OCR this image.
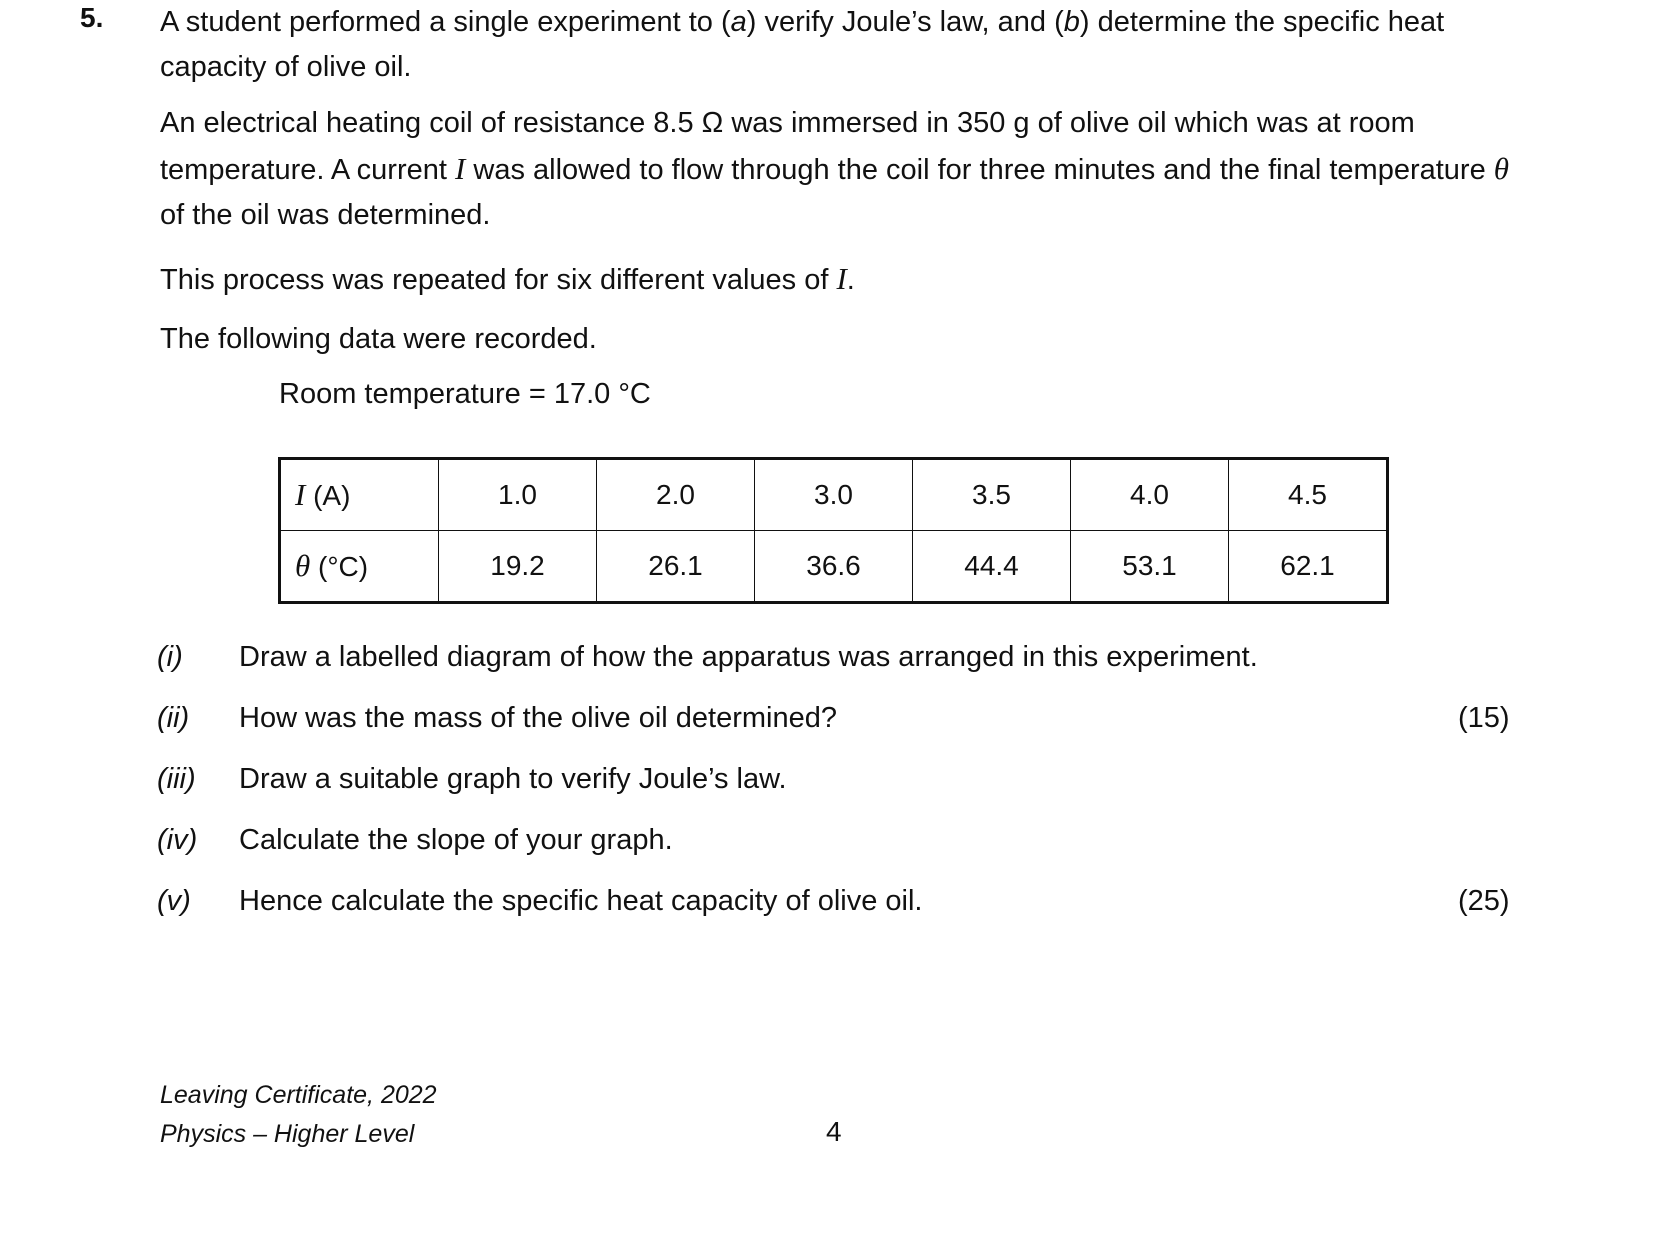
5. A student performed a single experiment to (a) verify Joule’s law, and (b) determine the specific heat capacity of olive oil.
An electrical heating coil of resistance 8.5 Ω was immersed in 350 g of olive oil which was at room temperature. A current I was allowed to flow through the coil for three minutes and the final temperature θ of the oil was determined.
This process was repeated for six different values of I.
The following data were recorded.
Room temperature = 17.0 °C
I (A)	1.0	2.0	3.0	3.5	4.0	4.5
θ (°C)	19.2	26.1	36.6	44.4	53.1	62.1
(i) Draw a labelled diagram of how the apparatus was arranged in this experiment.
(ii) How was the mass of the olive oil determined?	(15)
(iii) Draw a suitable graph to verify Joule’s law.
(iv) Calculate the slope of your graph.
(v) Hence calculate the specific heat capacity of olive oil.	(25)
Leaving Certificate, 2022
Physics – Higher Level	4
